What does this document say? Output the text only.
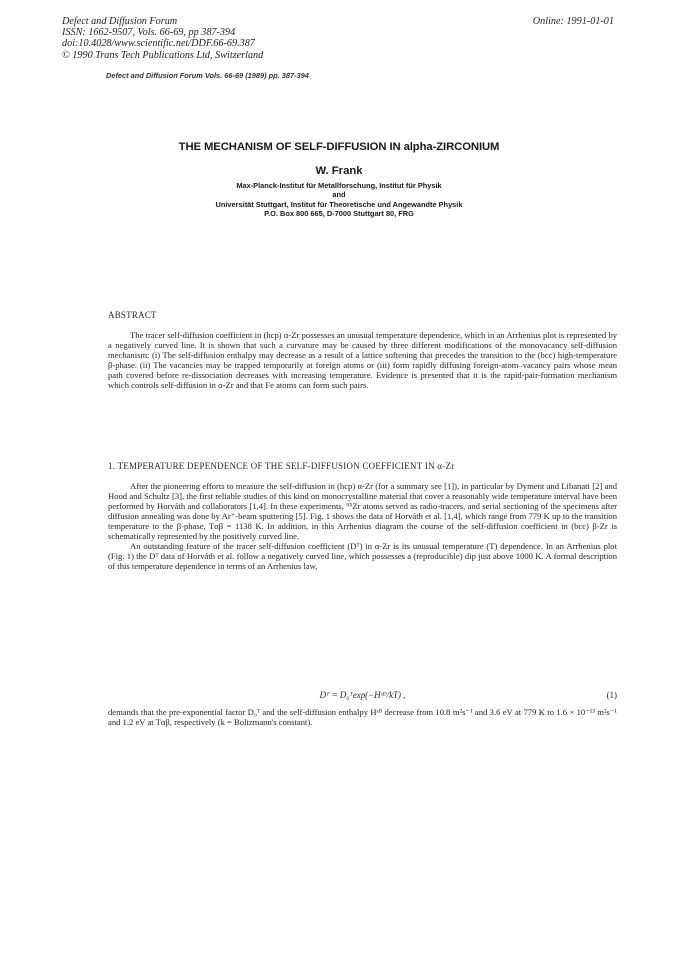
Defect and Diffusion Forum
ISSN: 1662-9507, Vols. 66-69, pp 387-394
doi:10.4028/www.scientific.net/DDF.66-69.387
© 1990 Trans Tech Publications Ltd, Switzerland
Online: 1991-01-01
Defect and Diffusion Forum Vols. 66-69 (1989) pp. 387-394
THE MECHANISM OF SELF-DIFFUSION IN alpha-ZIRCONIUM
W. Frank
Max-Planck-Institut für Metallforschung, Institut für Physik
and
Universität Stuttgart, Institut für Theoretische und Angewandte Physik
P.O. Box 800 665, D-7000 Stuttgart 80, FRG
ABSTRACT

The tracer self-diffusion coefficient in (hcp) α-Zr possesses an unusual temperature dependence, which in an Arrhenius plot is represented by a negatively curved line. It is shown that such a curvature may be caused by three different modifications of the monovacancy self-diffusion mechanism: (i) The self-diffusion enthalpy may decrease as a result of a lattice softening that precedes the transition to the (bcc) high-temperature β-phase. (ii) The vacancies may be trapped temporarily at foreign atoms or (iii) form rapidly diffusing foreign-atom–vacancy pairs whose mean path covered before re-dissociation decreases with increasing temperature. Evidence is presented that it is the rapid-pair-formation mechanism which controls self-diffusion in α-Zr and that Fe atoms can form such pairs.

1. TEMPERATURE DEPENDENCE OF THE SELF-DIFFUSION COEFFICIENT IN α-Zr

After the pioneering efforts to measure the self-diffusion in (hcp) α-Zr (for a summary see [1]), in particular by Dyment and Libanati [2] and Hood and Schultz [3], the first reliable studies of this kind on monocrystalline material that cover a reasonably wide temperature interval have been performed by Horváth and collaborators [1,4]. In these experiments, ⁹⁵Zr atoms served as radio-tracers, and serial sectioning of the specimens after diffusion annealing was done by Ar⁺-beam sputtering [5]. Fig. 1 shows the data of Horváth et al. [1,4], which range from 779 K up to the transition temperature to the β-phase, Tαβ = 1138 K. In addition, in this Arrhenius diagram the course of the self-diffusion coefficient in (bcc) β-Zr is schematically represented by the positively curved line.

An outstanding feature of the tracer self-diffusion coefficient (Dᵀ) in α-Zr is its unusual temperature (T) dependence. In an Arrhenius plot (Fig. 1) the Dᵀ data of Horváth et al. follow a negatively curved line, which possesses a (reproducible) dip just above 1000 K. A formal description of this temperature dependence in terms of an Arrhenius law,

Dᵀ = D₀ᵀexp(−Hˢᴰ/kT) ,	(1)

demands that the pre-exponential factor D₀ᵀ and the self-diffusion enthalpy Hˢᴰ decrease from 10.8 m²s⁻¹ and 3.6 eV at 779 K to 1.6 × 10⁻¹³ m²s⁻¹ and 1.2 eV at Tαβ, respectively (k = Boltzmann's constant).
